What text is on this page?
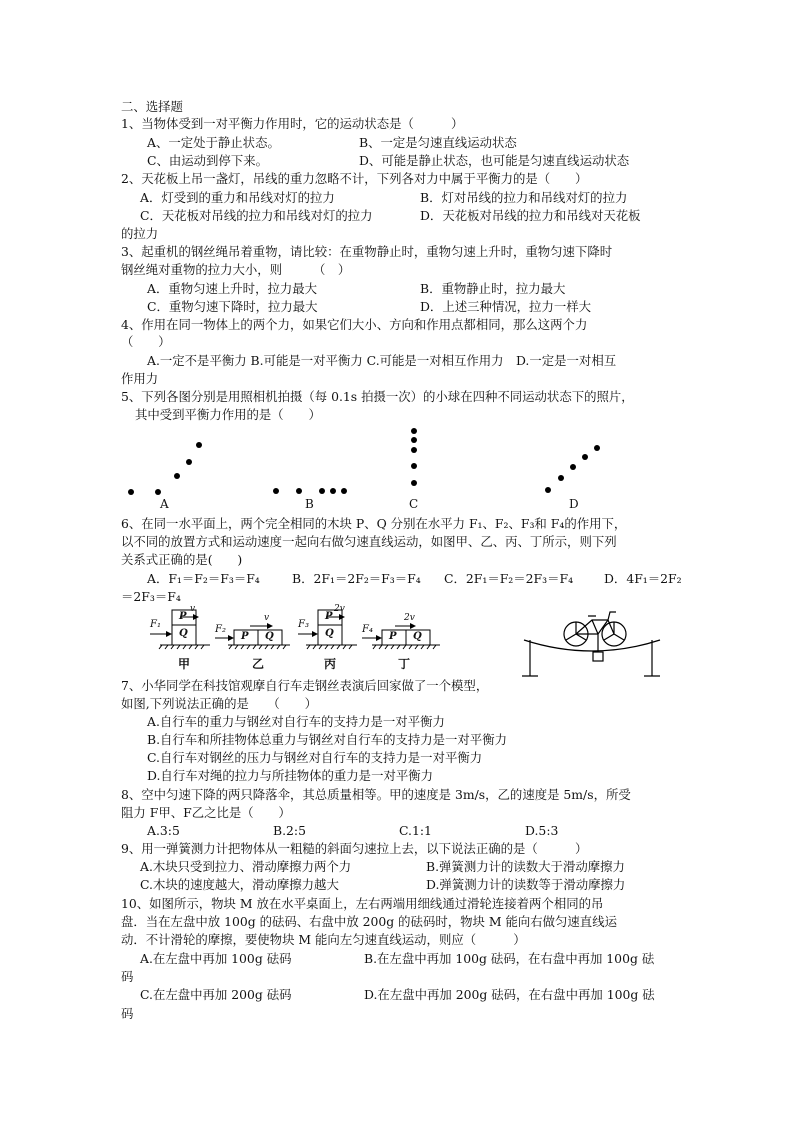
二、选择题
1、当物体受到一对平衡力作用时，它的运动状态是（　　　）
A、一定处于静止状态。	B、一定是匀速直线运动状态
C、由运动到停下来。	D、可能是静止状态，也可能是匀速直线运动状态
2、天花板上吊一盏灯，吊线的重力忽略不计，下列各对力中属于平衡力的是（　　）
A．灯受到的重力和吊线对灯的拉力	B．灯对吊线的拉力和吊线对灯的拉力
C．天花板对吊线的拉力和吊线对灯的拉力	D．天花板对吊线的拉力和吊线对天花板
的拉力
3、起重机的钢丝绳吊着重物，请比较：在重物静止时，重物匀速上升时，重物匀速下降时
钢丝绳对重物的拉力大小，则　　　（　）
A．重物匀速上升时，拉力最大	B．重物静止时，拉力最大
C．重物匀速下降时，拉力最大	D．上述三种情况，拉力一样大
4、作用在同一物体上的两个力，如果它们大小、方向和作用点都相同，那么这两个力
（　　）
A.一定不是平衡力 B.可能是一对平衡力 C.可能是一对相互作用力　D.一定是一对相互
作用力
5、下列各图分别是用照相机拍摄（每 0.1s 拍摄一次）的小球在四种不同运动状态下的照片，
其中受到平衡力作用的是（　　）
A	B	C	D
6、在同一水平面上，两个完全相同的木块 P、Q 分别在水平力 F₁、F₂、F₃和 F₄的作用下，
以不同的放置方式和运动速度一起向右做匀速直线运动，如图甲、乙、丙、丁所示，则下列
关系式正确的是(　　)
A．F₁＝F₂＝F₃＝F₄	B．2F₁＝2F₂＝F₃＝F₄ C．2F₁＝F₂＝2F₃＝F₄ D．4F₁＝2F₂
＝2F₃＝F₄
F₁	F₂	F₃	F₄
v
v
2v
2v
P
Q	P Q
P
Q	P Q
甲	乙	丙	丁
7、小华同学在科技馆观摩自行车走钢丝表演后回家做了一个模型，
如图,下列说法正确的是　　（　　）
A.自行车的重力与钢丝对自行车的支持力是一对平衡力
B.自行车和所挂物体总重力与钢丝对自行车的支持力是一对平衡力
C.自行车对钢丝的压力与钢丝对自行车的支持力是一对平衡力
D.自行车对绳的拉力与所挂物体的重力是一对平衡力
8、空中匀速下降的两只降落伞，其总质量相等。甲的速度是 3m/s，乙的速度是 5m/s，所受
阻力 F甲、F乙之比是（　　）
A.3:5	B.2:5	C.1:1	D.5:3
9、用一弹簧测力计把物体从一粗糙的斜面匀速拉上去，以下说法正确的是（　　　）
A.木块只受到拉力、滑动摩擦力两个力	B.弹簧测力计的读数大于滑动摩擦力
C.木块的速度越大，滑动摩擦力越大	D.弹簧测力计的读数等于滑动摩擦力
10、如图所示，物块 M 放在水平桌面上，左右两端用细线通过滑轮连接着两个相同的吊
盘．当在左盘中放 100g 的砝码、右盘中放 200g 的砝码时，物块 M 能向右做匀速直线运
动．不计滑轮的摩擦，要使物块 M 能向左匀速直线运动，则应（　　　）
A.在左盘中再加 100g 砝码	B.在左盘中再加 100g 砝码，在右盘中再加 100g 砝
码
C.在左盘中再加 200g 砝码	D.在左盘中再加 200g 砝码，在右盘中再加 100g 砝
码
